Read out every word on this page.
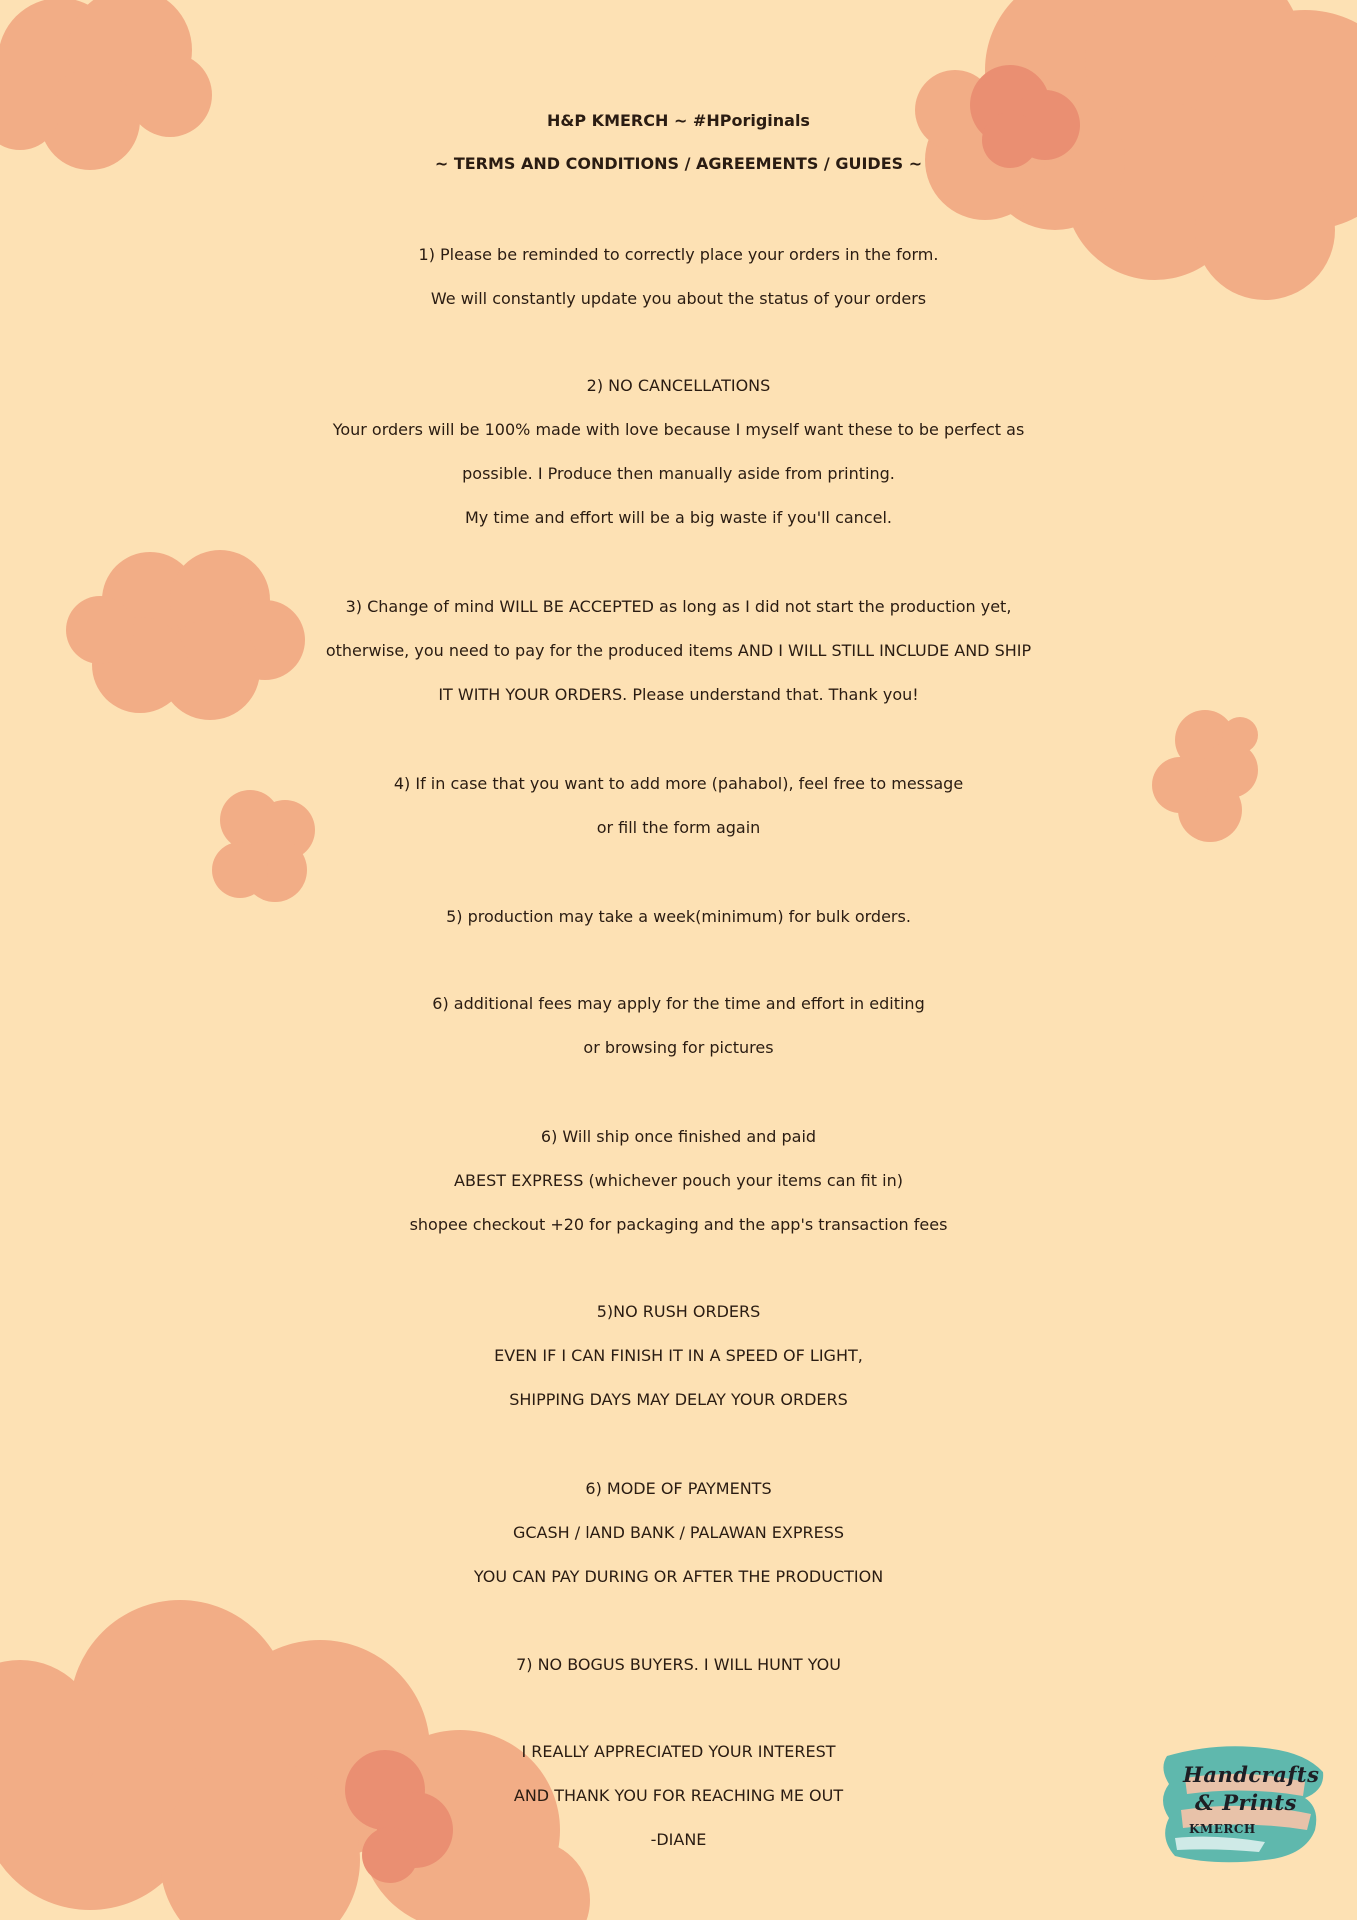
H&P KMERCH ~ #HPoriginals
~ TERMS AND CONDITIONS / AGREEMENTS / GUIDES ~
1) Please be reminded to correctly place your orders in the form.
We will constantly update you about the status of your orders
2) NO CANCELLATIONS
Your orders will be 100% made with love because I myself want these to be perfect as
possible. I Produce then manually aside from printing.
My time and effort will be a big waste if you'll cancel.
3) Change of mind WILL BE ACCEPTED as long as I did not start the production yet,
otherwise, you need to pay for the produced items AND I WILL STILL INCLUDE AND SHIP
IT WITH YOUR ORDERS. Please understand that. Thank you!
4) If in case that you want to add more (pahabol), feel free to message
or fill the form again
5) production may take a week(minimum) for bulk orders.
6) additional fees may apply for the time and effort in editing
or browsing for pictures
6) Will ship once finished and paid
ABEST EXPRESS (whichever pouch your items can fit in)
shopee checkout +20 for packaging and the app's transaction fees
5)NO RUSH ORDERS
EVEN IF I CAN FINISH IT IN A SPEED OF LIGHT,
SHIPPING DAYS MAY DELAY YOUR ORDERS
6) MODE OF PAYMENTS
GCASH / lAND BANK / PALAWAN EXPRESS
YOU CAN PAY DURING OR AFTER THE PRODUCTION
7) NO BOGUS BUYERS. I WILL HUNT YOU
I REALLY APPRECIATED YOUR INTEREST
AND THANK YOU FOR REACHING ME OUT
-DIANE
Handcrafts
& Prints
KMERCH
